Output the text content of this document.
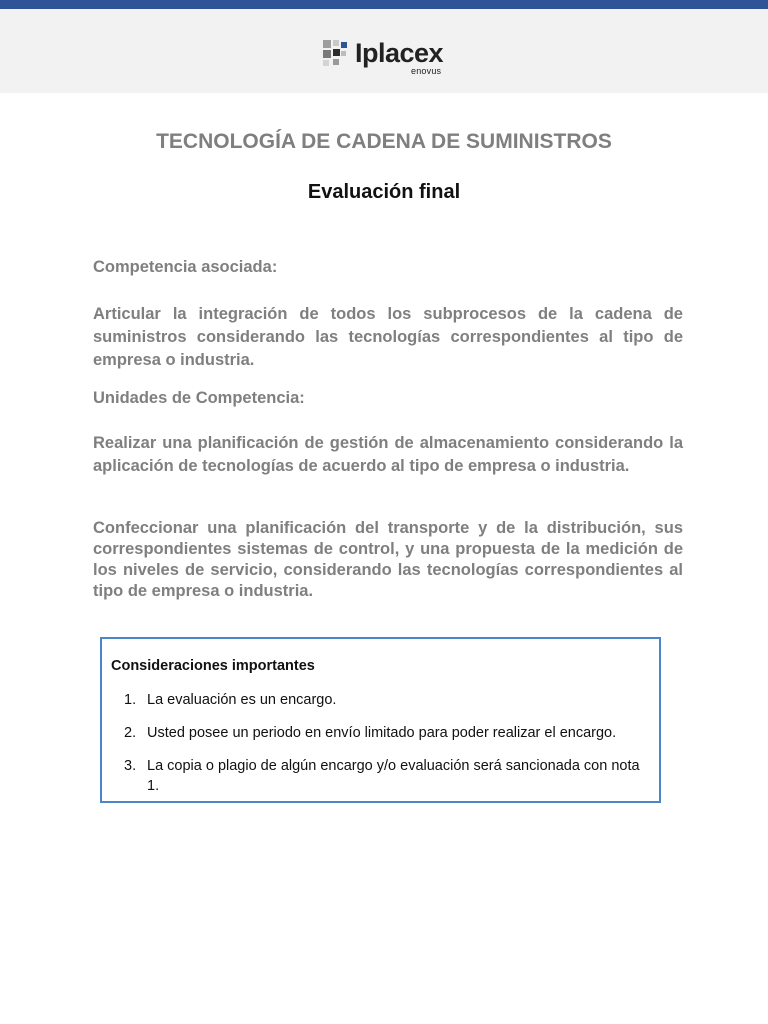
Iplacex
enovus
TECNOLOGÍA DE CADENA DE SUMINISTROS
Evaluación final
Competencia asociada:
Articular la integración de todos los subprocesos de la cadena de suministros considerando las tecnologías correspondientes al tipo de empresa o industria.
Unidades de Competencia:
Realizar una planificación de gestión de almacenamiento considerando la aplicación de tecnologías de acuerdo al tipo de empresa o industria.
Confeccionar una planificación del transporte y de la distribución, sus correspondientes sistemas de control, y una propuesta de la medición de los niveles de servicio, considerando las tecnologías correspondientes al tipo de empresa o industria.
Consideraciones importantes
1. La evaluación es un encargo.
2. Usted posee un periodo en envío limitado para poder realizar el encargo.
3. La copia o plagio de algún encargo y/o evaluación será sancionada con nota 1.
